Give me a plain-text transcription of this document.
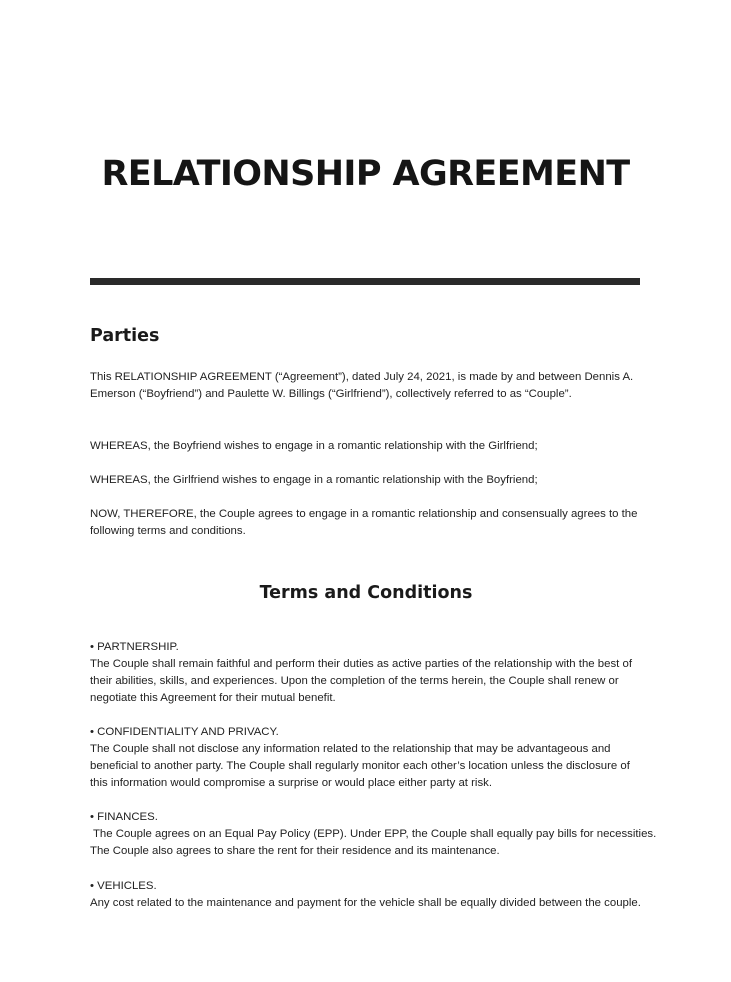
RELATIONSHIP AGREEMENT
Parties

This RELATIONSHIP AGREEMENT (“Agreement”), dated July 24, 2021, is made by and between Dennis A.
Emerson (“Boyfriend”) and Paulette W. Billings (“Girlfriend”), collectively referred to as “Couple”.

WHEREAS, the Boyfriend wishes to engage in a romantic relationship with the Girlfriend;

WHEREAS, the Girlfriend wishes to engage in a romantic relationship with the Boyfriend;

NOW, THEREFORE, the Couple agrees to engage in a romantic relationship and consensually agrees to the
following terms and conditions.

Terms and Conditions

• PARTNERSHIP.
The Couple shall remain faithful and perform their duties as active parties of the relationship with the best of
their abilities, skills, and experiences. Upon the completion of the terms herein, the Couple shall renew or
negotiate this Agreement for their mutual benefit.

• CONFIDENTIALITY AND PRIVACY.
The Couple shall not disclose any information related to the relationship that may be advantageous and
beneficial to another party. The Couple shall regularly monitor each other’s location unless the disclosure of
this information would compromise a surprise or would place either party at risk.

• FINANCES.
The Couple agrees on an Equal Pay Policy (EPP). Under EPP, the Couple shall equally pay bills for necessities.
The Couple also agrees to share the rent for their residence and its maintenance.

• VEHICLES.
Any cost related to the maintenance and payment for the vehicle shall be equally divided between the couple.
